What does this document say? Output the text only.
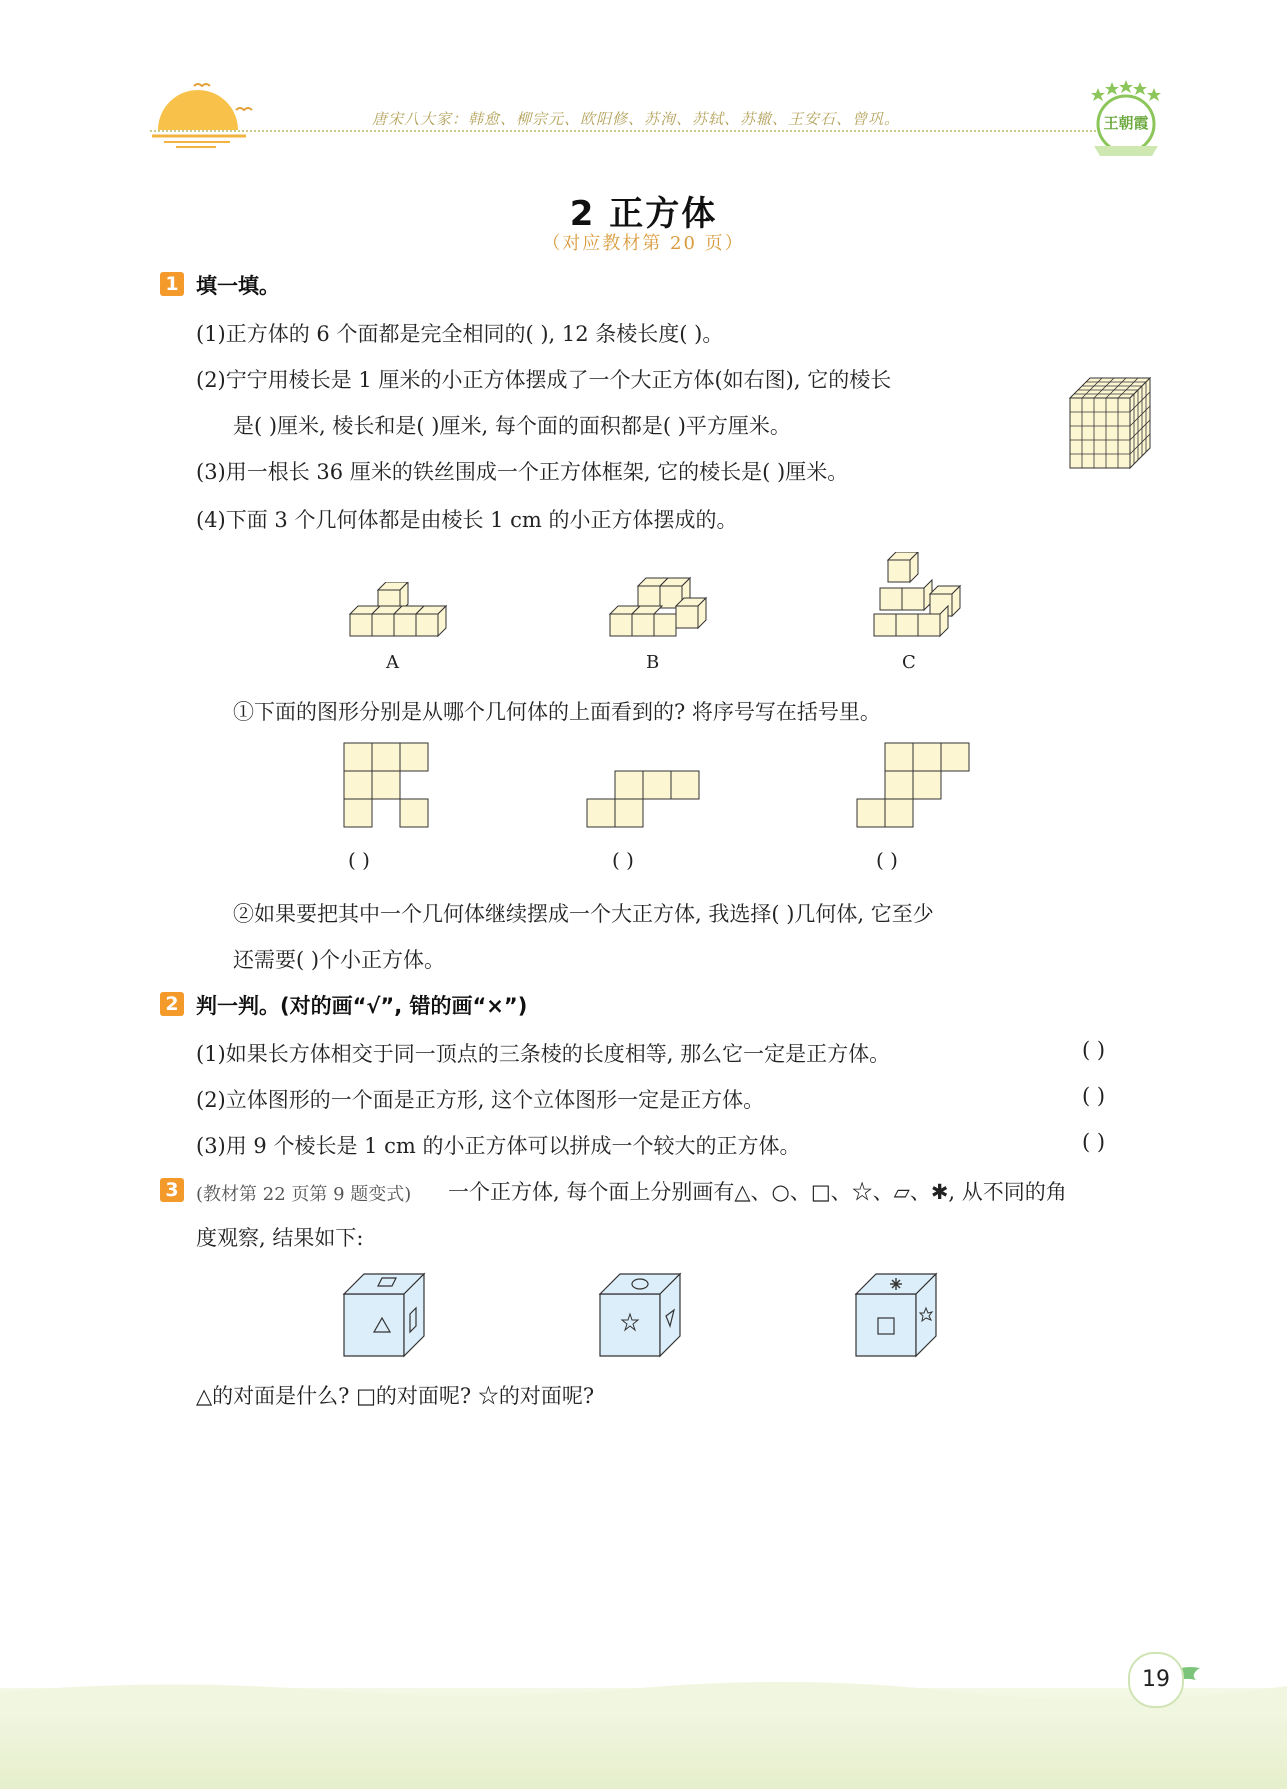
唐宋八大家：韩愈、柳宗元、欧阳修、苏洵、苏轼、苏辙、王安石、曾巩。	王朝霞
2 正方体
（对应教材第 20 页）
1 填一填。
(1)正方体的 6 个面都是完全相同的( ), 12 条棱长度( )。
(2)宁宁用棱长是 1 厘米的小正方体摆成了一个大正方体(如右图), 它的棱长
是( )厘米, 棱长和是( )厘米, 每个面的面积都是( )平方厘米。
(3)用一根长 36 厘米的铁丝围成一个正方体框架, 它的棱长是( )厘米。
(4)下面 3 个几何体都是由棱长 1 cm 的小正方体摆成的。
A	B	C
①下面的图形分别是从哪个几何体的上面看到的? 将序号写在括号里。
( )	( )	( )
②如果要把其中一个几何体继续摆成一个大正方体, 我选择( )几何体, 它至少
还需要( )个小正方体。
2 判一判。(对的画“√”, 错的画“×”)
(1)如果长方体相交于同一顶点的三条棱的长度相等, 那么它一定是正方体。	( )
(2)立体图形的一个面是正方形, 这个立体图形一定是正方体。	( )
(3)用 9 个棱长是 1 cm 的小正方体可以拼成一个较大的正方体。	( )
3 (教材第 22 页第 9 题变式) 一个正方体, 每个面上分别画有△、○、□、☆、▱、✱, 从不同的角
度观察, 结果如下:
△的对面是什么? □的对面呢? ☆的对面呢?
19
